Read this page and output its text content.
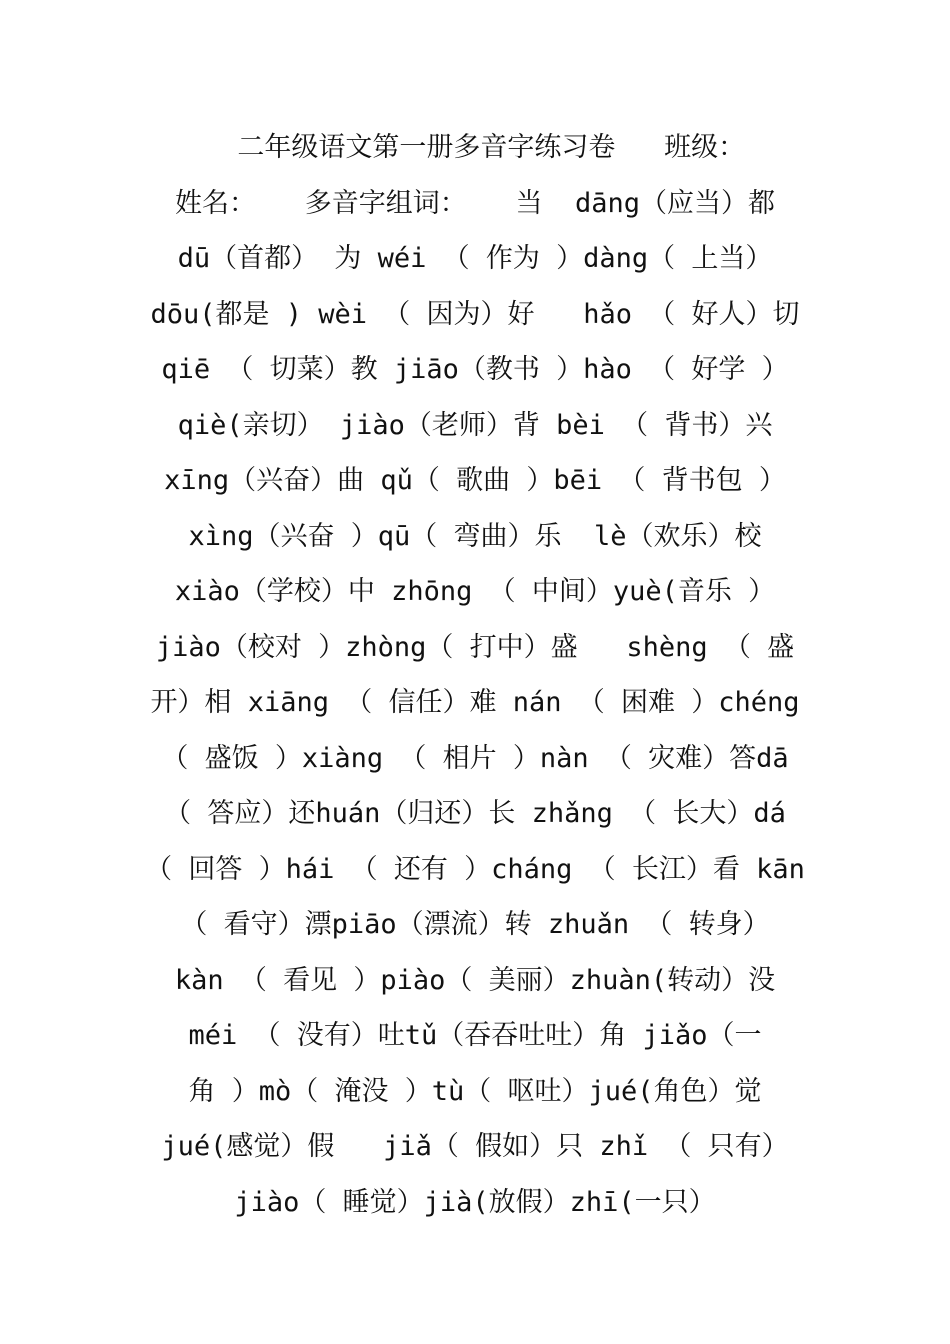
二年级语文第一册多音字练习卷   班级：
姓名：   多音字组词：   当  dāng（应当）都
dū（首都） 为 wéi （ 作为 ）dàng（ 上当）
dōu(都是 ) wèi （ 因为）好   hǎo （ 好人）切
qiē （ 切菜）教 jiāo（教书 ）hào （ 好学 ）
qiè(亲切） jiào（老师）背 bèi （ 背书）兴
xīng（兴奋）曲 qǔ（ 歌曲 ）bēi （ 背书包 ）
xìng（兴奋 ）qū（ 弯曲）乐  lè（欢乐）校
xiào（学校）中 zhōng （ 中间）yuè(音乐 ）
jiào（校对 ）zhòng（ 打中）盛   shèng （ 盛
开）相 xiāng （ 信任）难 nán （ 困难 ）chéng
（ 盛饭 ）xiàng （ 相片 ）nàn （ 灾难）答dā
（ 答应）还huán（归还）长 zhǎng （ 长大）dá
（ 回答 ）hái （ 还有 ）cháng （ 长江）看 kān
（ 看守）漂piāo（漂流）转 zhuǎn （ 转身）
kàn （ 看见 ）piào（ 美丽）zhuàn(转动）没
méi （ 没有）吐tǔ（吞吞吐吐）角 jiǎo（一
角 ）mò（ 淹没 ）tù（ 呕吐）jué(角色）觉
jué(感觉）假   jiǎ（ 假如）只 zhǐ （ 只有）
jiào（ 睡觉）jià(放假）zhī(一只）
